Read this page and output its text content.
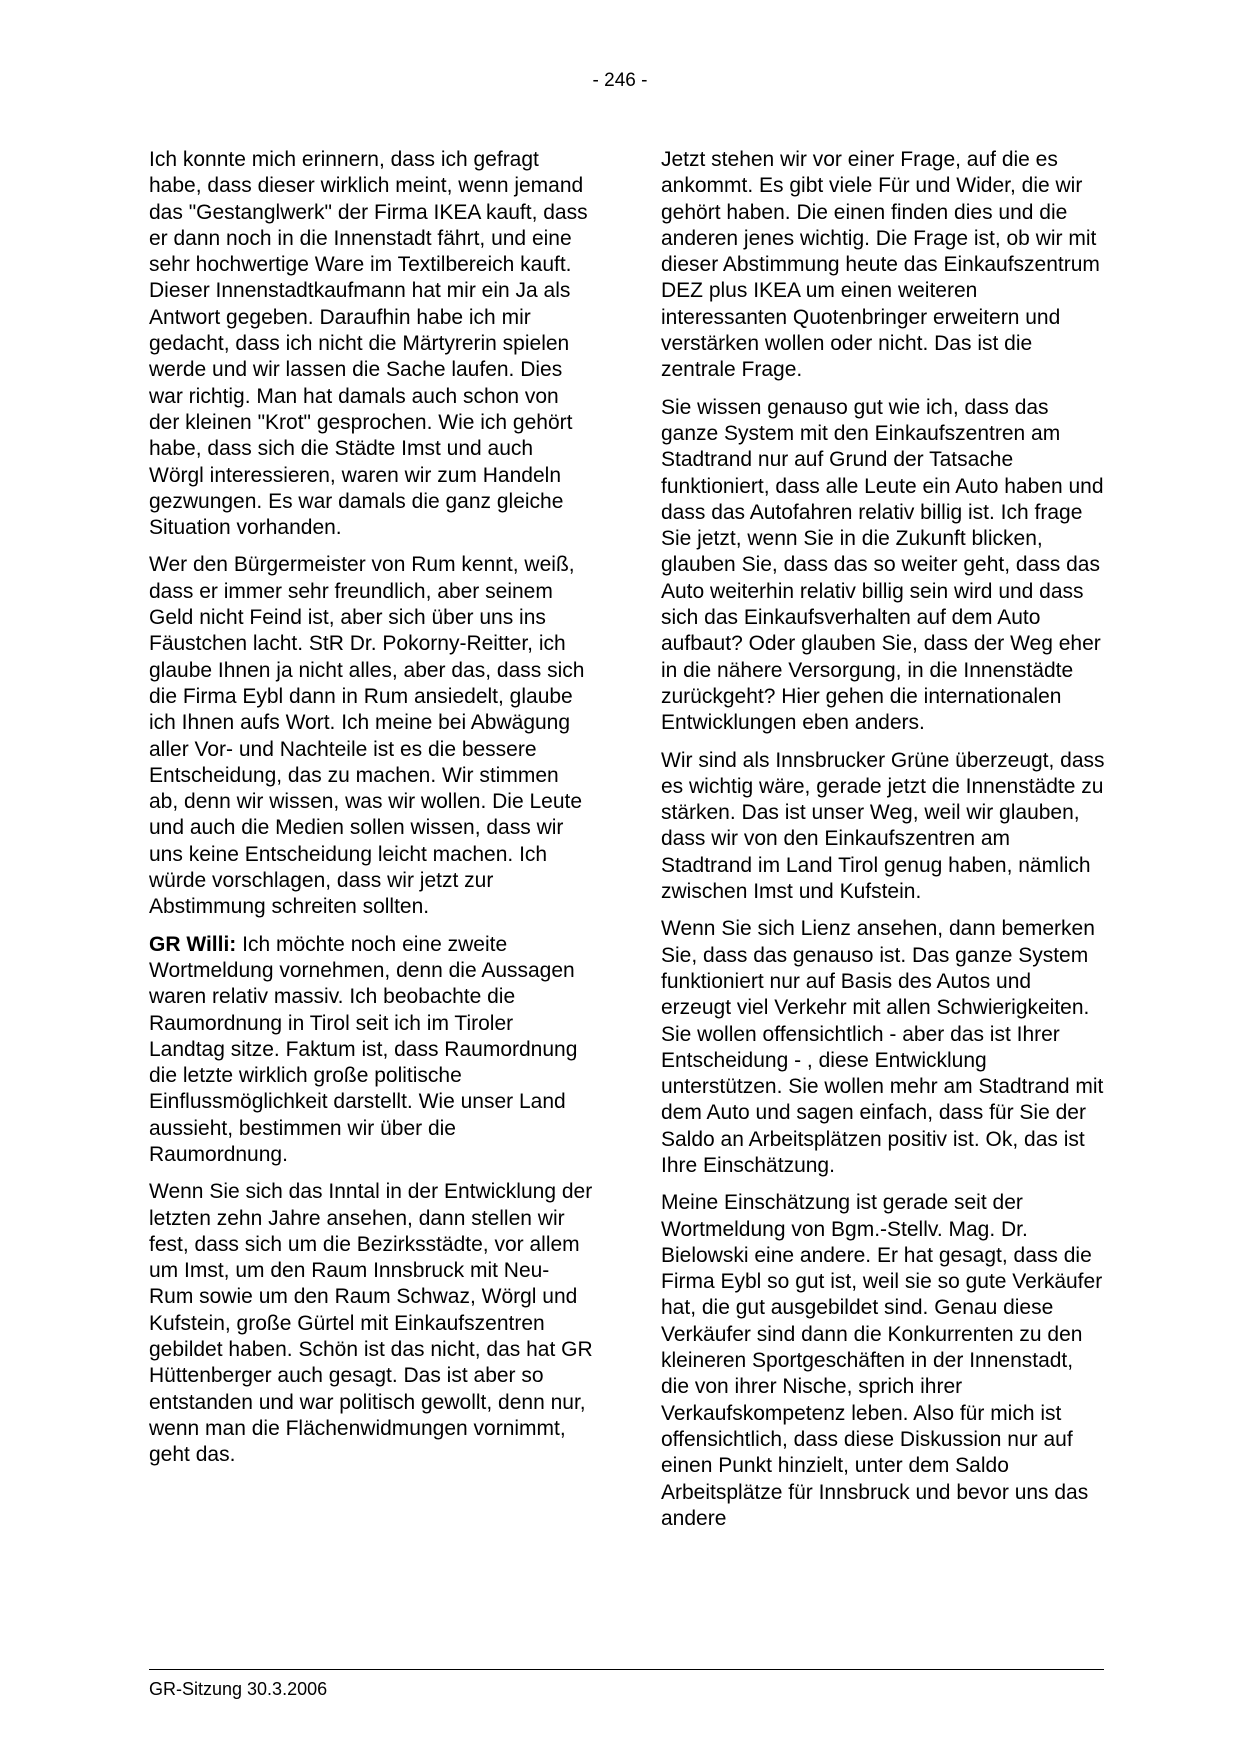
- 246 -

Ich konnte mich erinnern, dass ich gefragt habe, dass dieser wirklich meint, wenn jemand das "Gestanglwerk" der Firma IKEA kauft, dass er dann noch in die Innenstadt fährt, und eine sehr hochwertige Ware im Textilbereich kauft. Dieser Innenstadtkaufmann hat mir ein Ja als Antwort gegeben. Daraufhin habe ich mir gedacht, dass ich nicht die Märtyrerin spielen werde und wir lassen die Sache laufen. Dies war richtig. Man hat damals auch schon von der kleinen "Krot" gesprochen. Wie ich gehört habe, dass sich die Städte Imst und auch Wörgl interessieren, waren wir zum Handeln gezwungen. Es war damals die ganz gleiche Situation vorhanden.

Wer den Bürgermeister von Rum kennt, weiß, dass er immer sehr freundlich, aber seinem Geld nicht Feind ist, aber sich über uns ins Fäustchen lacht. StR Dr. Pokorny-Reitter, ich glaube Ihnen ja nicht alles, aber das, dass sich die Firma Eybl dann in Rum ansiedelt, glaube ich Ihnen aufs Wort. Ich meine bei Abwägung aller Vor- und Nachteile ist es die bessere Entscheidung, das zu machen. Wir stimmen ab, denn wir wissen, was wir wollen. Die Leute und auch die Medien sollen wissen, dass wir uns keine Entscheidung leicht machen. Ich würde vorschlagen, dass wir jetzt zur Abstimmung schreiten sollten.

GR Willi: Ich möchte noch eine zweite Wortmeldung vornehmen, denn die Aussagen waren relativ massiv. Ich beobachte die Raumordnung in Tirol seit ich im Tiroler Landtag sitze. Faktum ist, dass Raumordnung die letzte wirklich große politische Einflussmöglichkeit darstellt. Wie unser Land aussieht, bestimmen wir über die Raumordnung.

Wenn Sie sich das Inntal in der Entwicklung der letzten zehn Jahre ansehen, dann stellen wir fest, dass sich um die Bezirksstädte, vor allem um Imst, um den Raum Innsbruck mit Neu-Rum sowie um den Raum Schwaz, Wörgl und Kufstein, große Gürtel mit Einkaufszentren gebildet haben. Schön ist das nicht, das hat GR Hüttenberger auch gesagt. Das ist aber so entstanden und war politisch gewollt, denn nur, wenn man die Flächenwidmungen vornimmt, geht das.

Jetzt stehen wir vor einer Frage, auf die es ankommt. Es gibt viele Für und Wider, die wir gehört haben. Die einen finden dies und die anderen jenes wichtig. Die Frage ist, ob wir mit dieser Abstimmung heute das Einkaufszentrum DEZ plus IKEA um einen weiteren interessanten Quotenbringer erweitern und verstärken wollen oder nicht. Das ist die zentrale Frage.

Sie wissen genauso gut wie ich, dass das ganze System mit den Einkaufszentren am Stadtrand nur auf Grund der Tatsache funktioniert, dass alle Leute ein Auto haben und dass das Autofahren relativ billig ist. Ich frage Sie jetzt, wenn Sie in die Zukunft blicken, glauben Sie, dass das so weiter geht, dass das Auto weiterhin relativ billig sein wird und dass sich das Einkaufsverhalten auf dem Auto aufbaut? Oder glauben Sie, dass der Weg eher in die nähere Versorgung, in die Innenstädte zurückgeht? Hier gehen die internationalen Entwicklungen eben anders.

Wir sind als Innsbrucker Grüne überzeugt, dass es wichtig wäre, gerade jetzt die Innenstädte zu stärken. Das ist unser Weg, weil wir glauben, dass wir von den Einkaufszentren am Stadtrand im Land Tirol genug haben, nämlich zwischen Imst und Kufstein.

Wenn Sie sich Lienz ansehen, dann bemerken Sie, dass das genauso ist. Das ganze System funktioniert nur auf Basis des Autos und erzeugt viel Verkehr mit allen Schwierigkeiten. Sie wollen offensichtlich - aber das ist Ihrer Entscheidung - , diese Entwicklung unterstützen. Sie wollen mehr am Stadtrand mit dem Auto und sagen einfach, dass für Sie der Saldo an Arbeitsplätzen positiv ist. Ok, das ist Ihre Einschätzung.

Meine Einschätzung ist gerade seit der Wortmeldung von Bgm.-Stellv. Mag. Dr. Bielowski eine andere. Er hat gesagt, dass die Firma Eybl so gut ist, weil sie so gute Verkäufer hat, die gut ausgebildet sind. Genau diese Verkäufer sind dann die Konkurrenten zu den kleineren Sportgeschäften in der Innenstadt, die von ihrer Nische, sprich ihrer Verkaufskompetenz leben. Also für mich ist offensichtlich, dass diese Diskussion nur auf einen Punkt hinzielt, unter dem Saldo Arbeitsplätze für Innsbruck und bevor uns das andere

GR-Sitzung 30.3.2006
